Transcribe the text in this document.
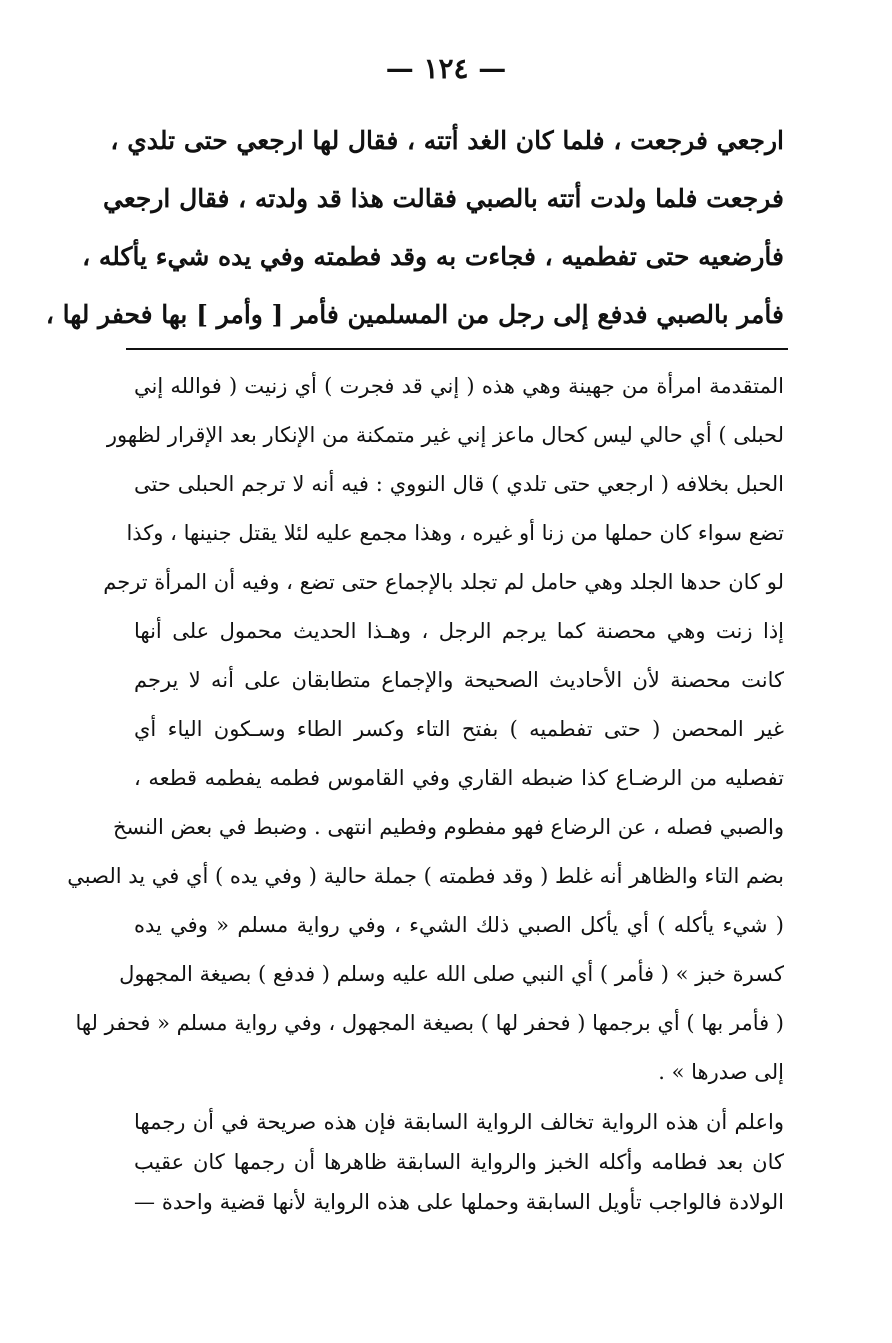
— ١٢٤ —
ارجعي فرجعت ، فلما كان الغد أتته ، فقال لها ارجعي حتى تلدي ،
فرجعت فلما ولدت أتته بالصبي فقالت هذا قد ولدته ، فقال ارجعي
فأرضعيه حتى تفطميه ، فجاءت به وقد فطمته وفي يده شيء يأكله ،
فأمر بالصبي فدفع إلى رجل من المسلمين فأمر [ وأمر ] بها فحفر لها ،
المتقدمة امرأة من جهينة وهي هذه ( إني قد فجرت ) أي زنيت ( فوالله إني
لحبلى ) أي حالي ليس كحال ماعز إني غير متمكنة من الإنكار بعد الإقرار لظهور
الحبل بخلافه ( ارجعي حتى تلدي ) قال النووي : فيه أنه لا ترجم الحبلى حتى
تضع سواء كان حملها من زنا أو غيره ، وهذا مجمع عليه لئلا يقتل جنينها ، وكذا
لو كان حدها الجلد وهي حامل لم تجلد بالإجماع حتى تضع ، وفيه أن المرأة ترجم
إذا زنت وهي محصنة كما يرجم الرجل ، وهـذا الحديث محمول على أنها
كانت محصنة لأن الأحاديث الصحيحة والإجماع متطابقان على أنه لا يرجم
غير المحصن ( حتى تفطميه ) بفتح التاء وكسر الطاء وسـكون الياء أي
تفصليه من الرضـاع كذا ضبطه القاري وفي القاموس فطمه يفطمه قطعه ،
والصبي فصله ، عن الرضاع فهو مفطوم وفطيم انتهى . وضبط في بعض النسخ
بضم التاء والظاهر أنه غلط ( وقد فطمته ) جملة حالية ( وفي يده ) أي في يد الصبي
( شيء يأكله ) أي يأكل الصبي ذلك الشيء ، وفي رواية مسلم « وفي يده
كسرة خبز » ( فأمر ) أي النبي صلى الله عليه وسلم ( فدفع ) بصيغة المجهول
( فأمر بها ) أي برجمها ( فحفر لها ) بصيغة المجهول ، وفي رواية مسلم « فحفر لها
إلى صدرها » .
واعلم أن هذه الرواية تخالف الرواية السابقة فإن هذه صريحة في أن رجمها
كان بعد فطامه وأكله الخبز والرواية السابقة ظاهرها أن رجمها كان عقيب
الولادة فالواجب تأويل السابقة وحملها على هذه الرواية لأنها قضية واحدة —
